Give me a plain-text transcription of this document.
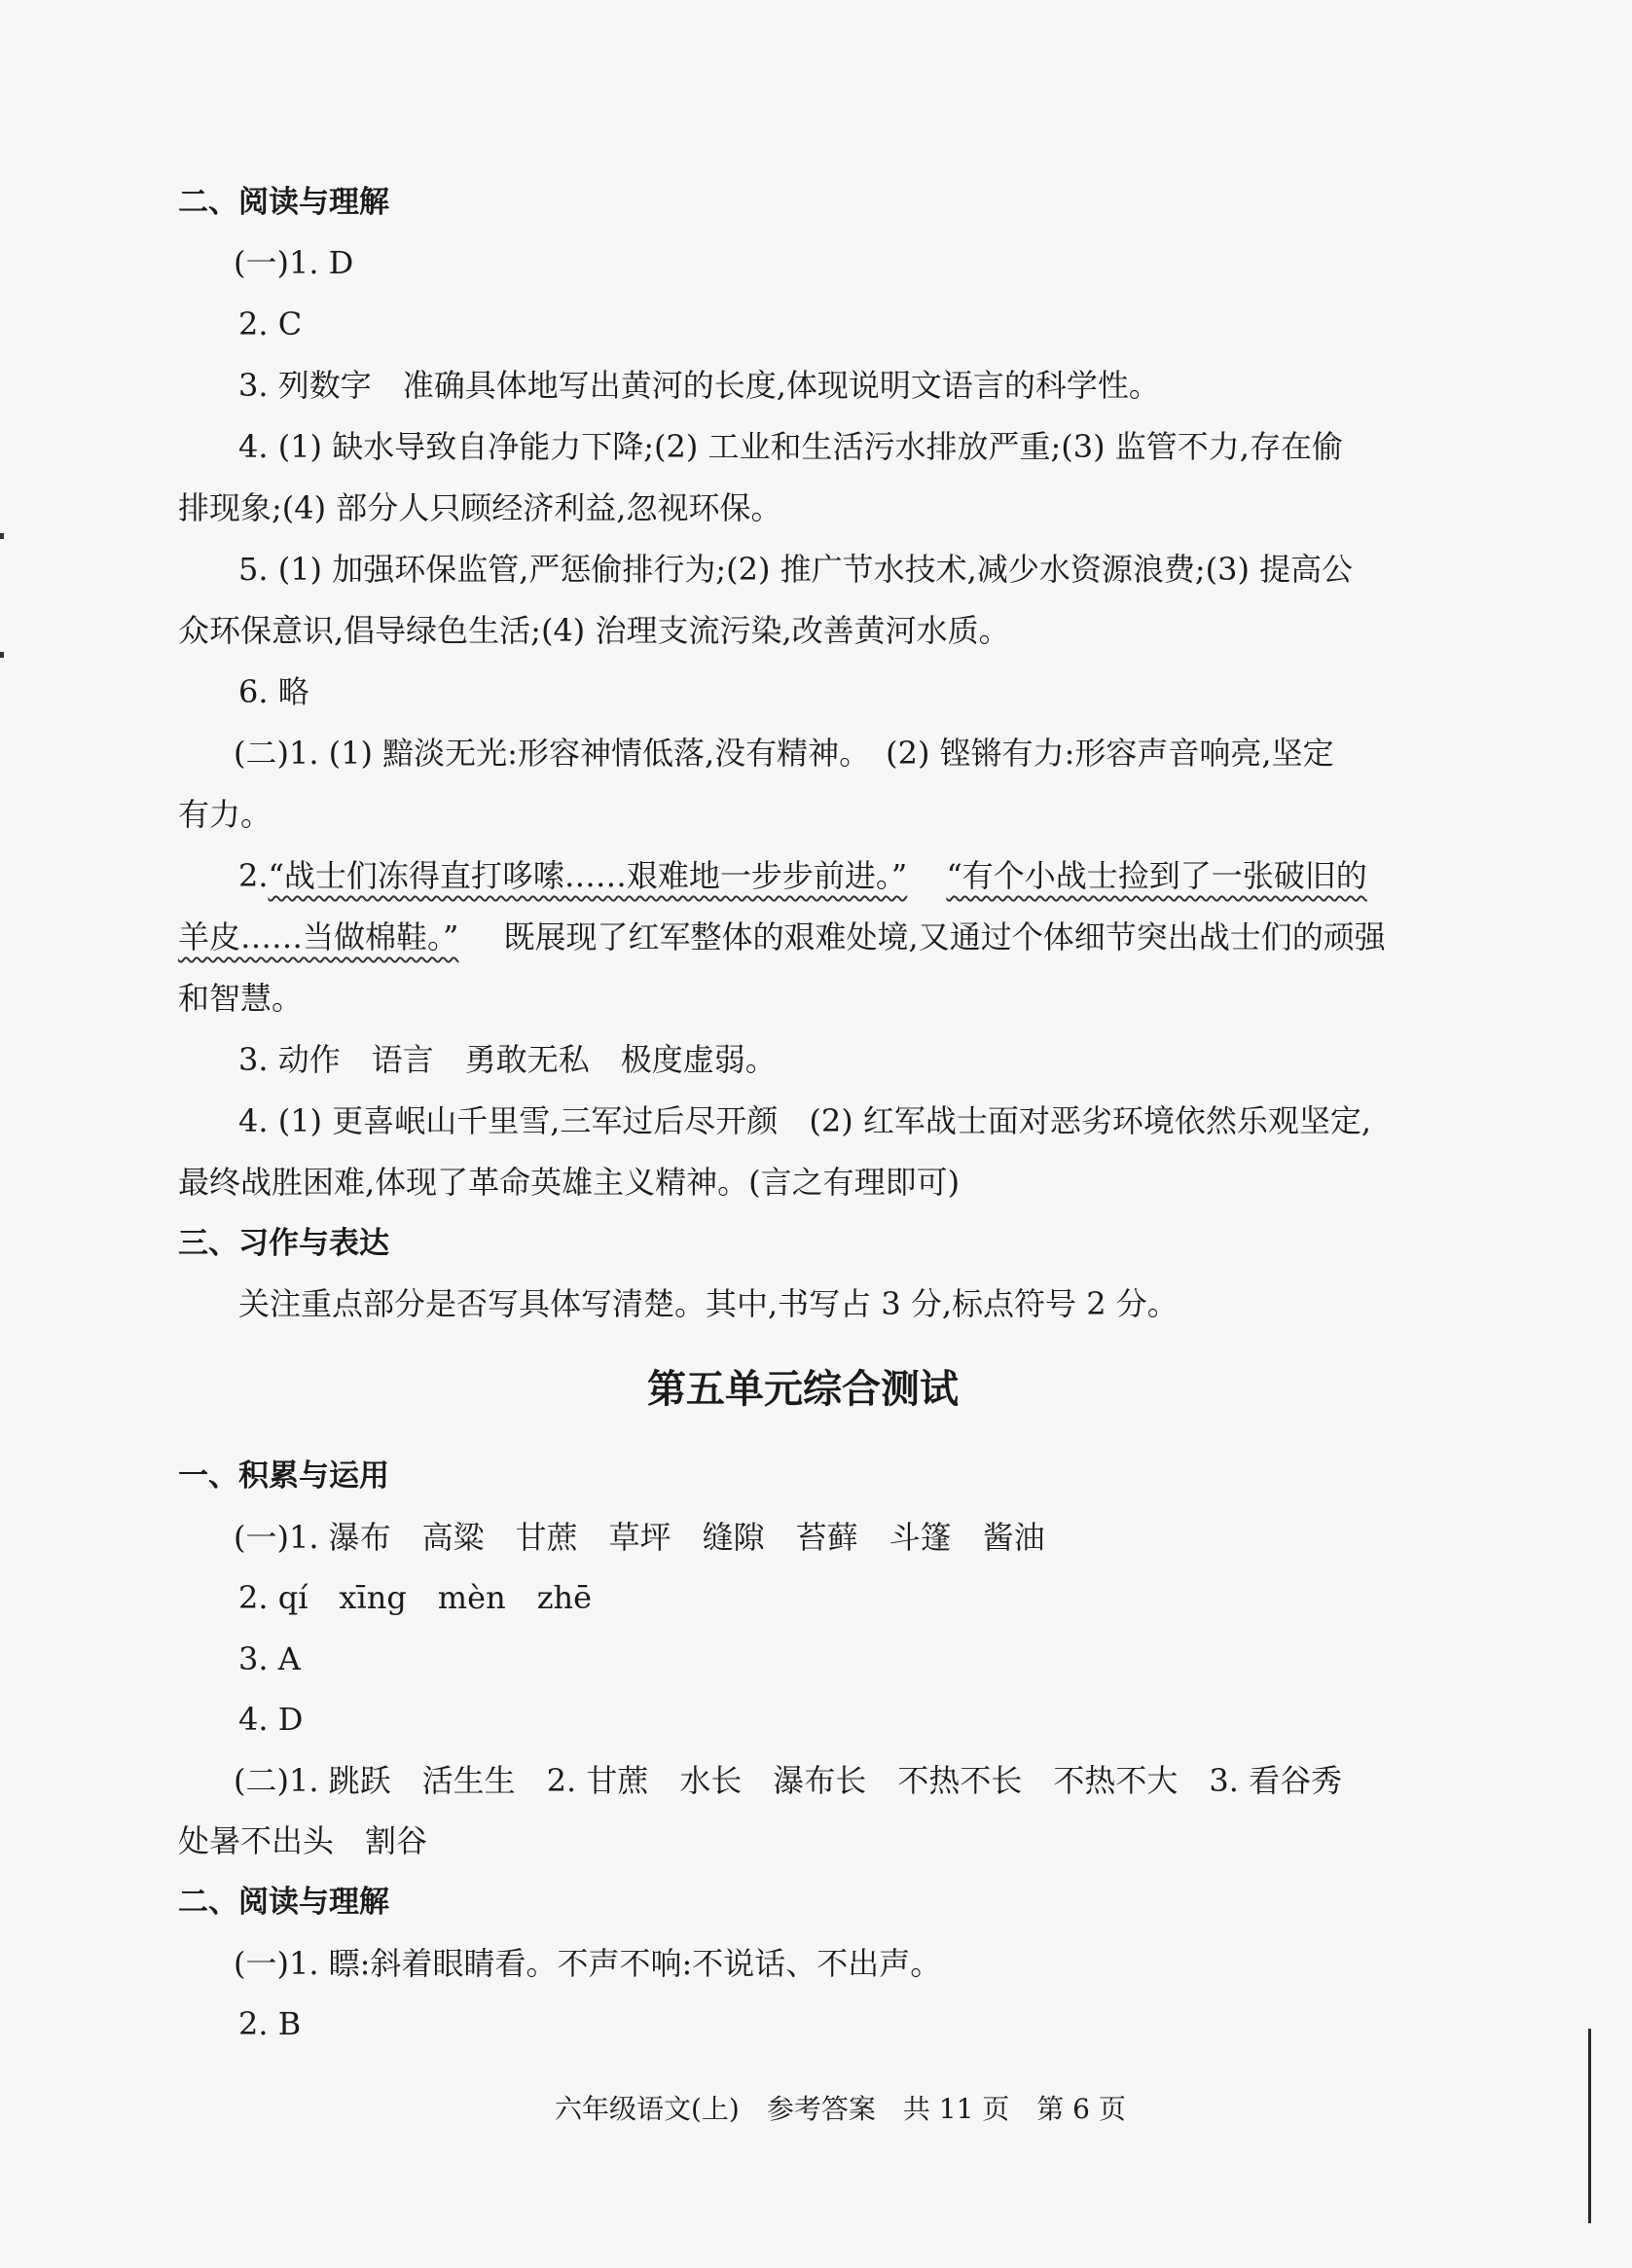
二、阅读与理解
(一)1. D
2. C
3. 列数字　准确具体地写出黄河的长度,体现说明文语言的科学性。
4. (1) 缺水导致自净能力下降;(2) 工业和生活污水排放严重;(3) 监管不力,存在偷
排现象;(4) 部分人只顾经济利益,忽视环保。
5. (1) 加强环保监管,严惩偷排行为;(2) 推广节水技术,减少水资源浪费;(3) 提高公
众环保意识,倡导绿色生活;(4) 治理支流污染,改善黄河水质。
6. 略
(二)1. (1) 黯淡无光:形容神情低落,没有精神。　(2) 铿锵有力:形容声音响亮,坚定
有力。
2.“战士们冻得直打哆嗦……艰难地一步步前进。” “有个小战士捡到了一张破旧的
羊皮……当做棉鞋。” 既展现了红军整体的艰难处境,又通过个体细节突出战士们的顽强
和智慧。
3. 动作　语言　勇敢无私　极度虚弱。
4. (1) 更喜岷山千里雪,三军过后尽开颜　(2) 红军战士面对恶劣环境依然乐观坚定,
最终战胜困难,体现了革命英雄主义精神。(言之有理即可)
三、习作与表达
关注重点部分是否写具体写清楚。其中,书写占 3 分,标点符号 2 分。
第五单元综合测试
一、积累与运用
(一)1. 瀑布　高粱　甘蔗　草坪　缝隙　苔藓　斗篷　酱油
2. qí　xīng　mèn　zhē
3. A
4. D
(二)1. 跳跃　活生生　2. 甘蔗　水长　瀑布长　不热不长　不热不大　3. 看谷秀
处暑不出头　割谷
二、阅读与理解
(一)1. 瞟:斜着眼睛看。不声不响:不说话、不出声。
2. B
六年级语文(上)　参考答案　共 11 页　第 6 页
